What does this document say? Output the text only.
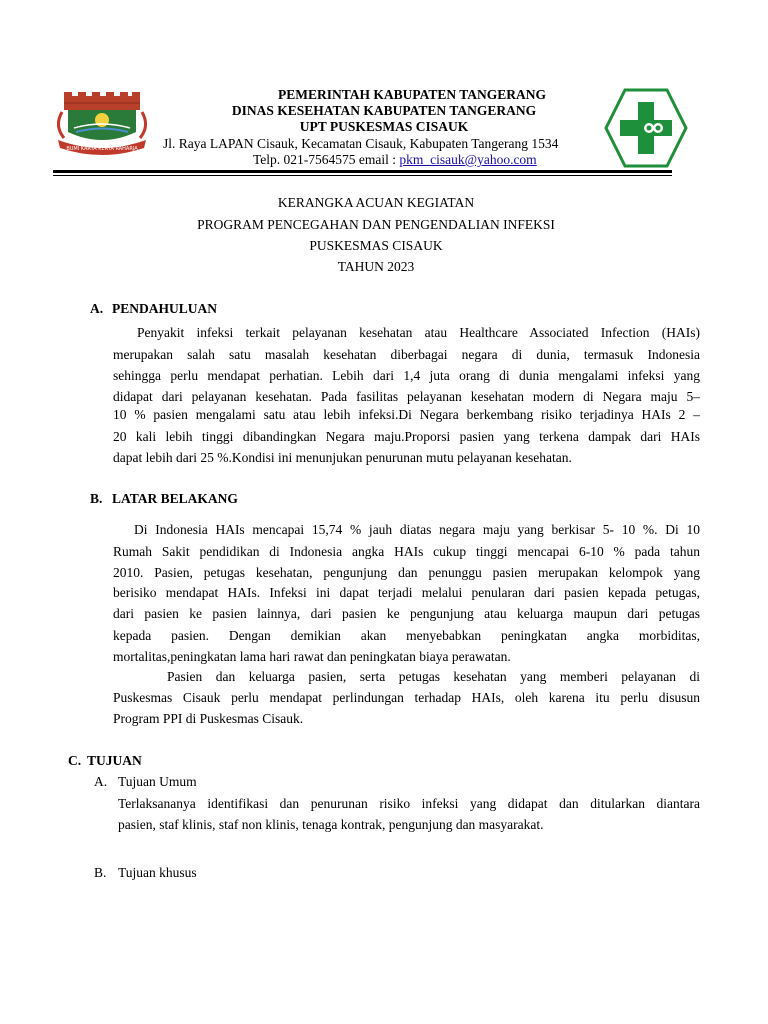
BUMI KARYA KERTA RAHARJA
PEMERINTAH KABUPATEN TANGERANG
DINAS KESEHATAN KABUPATEN TANGERANG
UPT PUSKESMAS CISAUK
Jl. Raya LAPAN Cisauk, Kecamatan Cisauk, Kabupaten Tangerang 1534
Telp. 021-7564575 email : pkm_cisauk@yahoo.com
KERANGKA ACUAN KEGIATAN
PROGRAM PENCEGAHAN DAN PENGENDALIAN INFEKSI
PUSKESMAS CISAUK
TAHUN 2023
A. PENDAHULUAN
Penyakit infeksi terkait pelayanan kesehatan atau Healthcare Associated Infection (HAIs)
merupakan salah satu masalah kesehatan diberbagai negara di dunia, termasuk Indonesia
sehingga perlu mendapat perhatian. Lebih dari 1,4 juta orang di dunia mengalami infeksi yang
didapat dari pelayanan kesehatan. Pada fasilitas pelayanan kesehatan modern di Negara maju 5–
10 % pasien mengalami satu atau lebih infeksi.Di Negara berkembang risiko terjadinya HAIs 2 –
20 kali lebih tinggi dibandingkan Negara maju.Proporsi pasien yang terkena dampak dari HAIs
dapat lebih dari 25 %.Kondisi ini menunjukan penurunan mutu pelayanan kesehatan.
B. LATAR BELAKANG
Di Indonesia HAIs mencapai 15,74 % jauh diatas negara maju yang berkisar 5- 10 %. Di 10
Rumah Sakit pendidikan di Indonesia angka HAIs cukup tinggi mencapai 6-10 % pada tahun
2010. Pasien, petugas kesehatan, pengunjung dan penunggu pasien merupakan kelompok yang
berisiko mendapat HAIs. Infeksi ini dapat terjadi melalui penularan dari pasien kepada petugas,
dari pasien ke pasien lainnya, dari pasien ke pengunjung atau keluarga maupun dari petugas
kepada pasien. Dengan demikian akan menyebabkan peningkatan angka morbiditas,
mortalitas,peningkatan lama hari rawat dan peningkatan biaya perawatan.
Pasien dan keluarga pasien, serta petugas kesehatan yang memberi pelayanan di
Puskesmas Cisauk perlu mendapat perlindungan terhadap HAIs, oleh karena itu perlu disusun
Program PPI di Puskesmas Cisauk.
C. TUJUAN
A. Tujuan Umum
Terlaksananya identifikasi dan penurunan risiko infeksi yang didapat dan ditularkan diantara
pasien, staf klinis, staf non klinis, tenaga kontrak, pengunjung dan masyarakat.
B. Tujuan khusus
